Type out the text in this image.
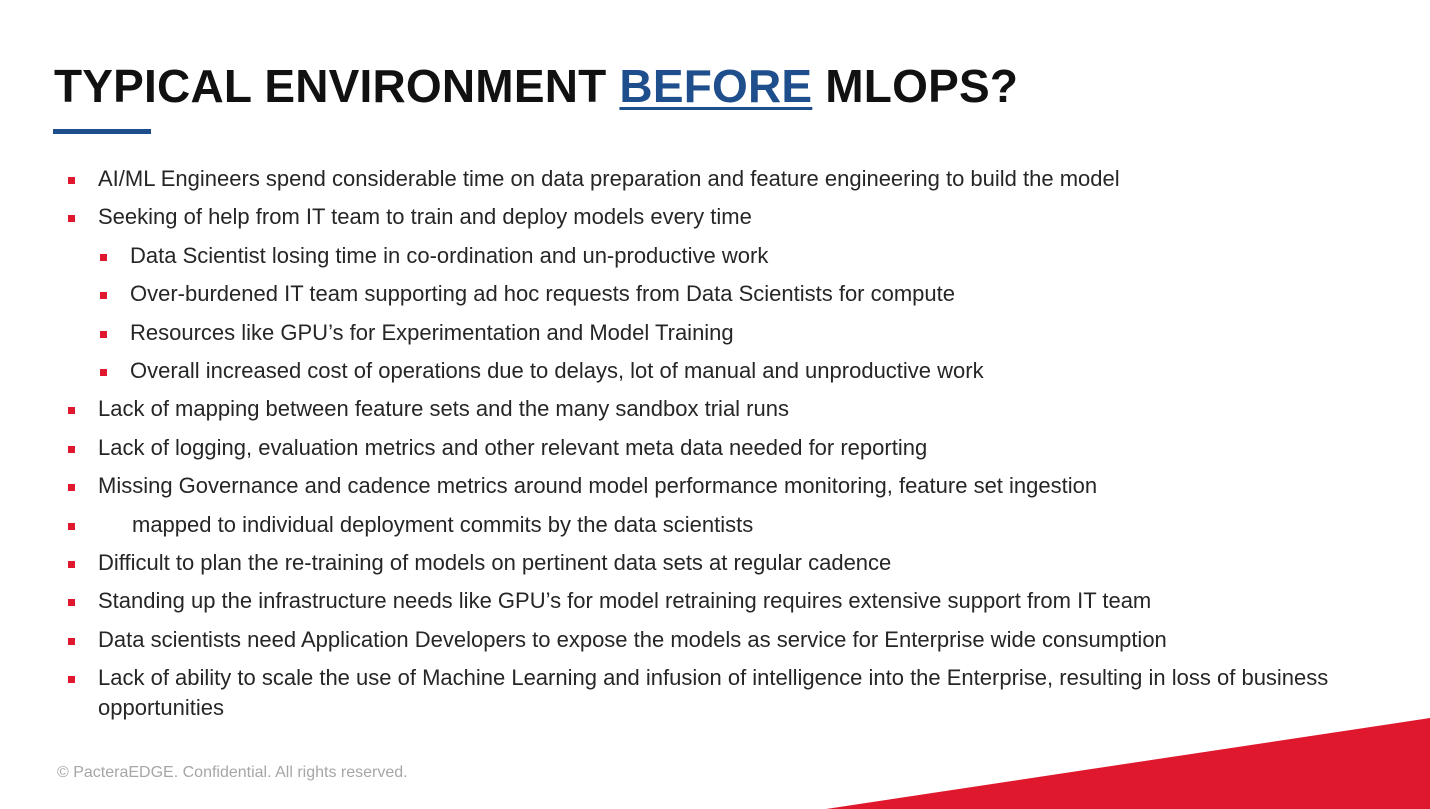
TYPICAL ENVIRONMENT BEFORE MLOPS?
AI/ML Engineers spend considerable time on data preparation and feature engineering to build the model
Seeking of help from IT team to train and deploy models every time
Data Scientist losing time in co-ordination and un-productive work
Over-burdened IT team supporting ad hoc requests from Data Scientists for compute
Resources like GPU’s for Experimentation and Model Training
Overall increased cost of operations due to delays, lot of manual and unproductive work
Lack of mapping between feature sets and the many sandbox trial runs
Lack of logging, evaluation metrics and other relevant meta data needed for reporting
Missing Governance and cadence metrics around model performance monitoring, feature set ingestion
mapped to individual deployment commits by the data scientists
Difficult to plan the re-training of models on pertinent data sets at regular cadence
Standing up the infrastructure needs like GPU’s for model retraining requires extensive support from IT team
Data scientists need Application Developers to expose the models as service for Enterprise wide consumption
Lack of ability to scale the use of Machine Learning and infusion of intelligence into the Enterprise, resulting in loss of business opportunities
© PacteraEDGE. Confidential. All rights reserved.
